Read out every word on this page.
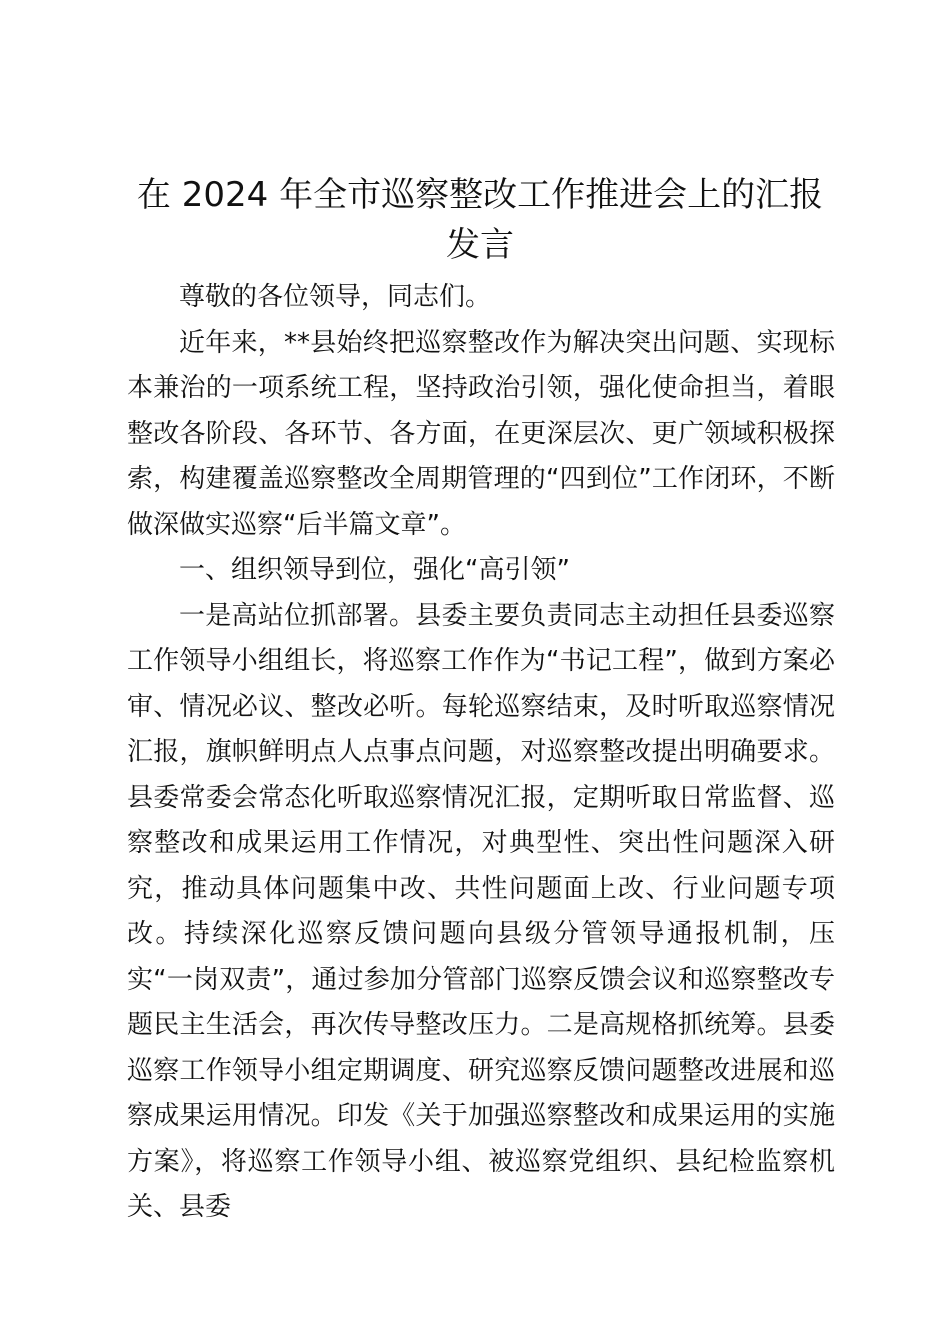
在 2024 年全市巡察整改工作推进会上的汇报发言

尊敬的各位领导，同志们。

近年来，**县始终把巡察整改作为解决突出问题、实现标本兼治的一项系统工程，坚持政治引领，强化使命担当，着眼整改各阶段、各环节、各方面，在更深层次、更广领域积极探索，构建覆盖巡察整改全周期管理的“四到位”工作闭环，不断做深做实巡察“后半篇文章”。

一、组织领导到位，强化“高引领”

一是高站位抓部署。县委主要负责同志主动担任县委巡察工作领导小组组长，将巡察工作作为“书记工程”，做到方案必审、情况必议、整改必听。每轮巡察结束，及时听取巡察情况汇报，旗帜鲜明点人点事点问题，对巡察整改提出明确要求。县委常委会常态化听取巡察情况汇报，定期听取日常监督、巡察整改和成果运用工作情况，对典型性、突出性问题深入研究，推动具体问题集中改、共性问题面上改、行业问题专项改。持续深化巡察反馈问题向县级分管领导通报机制，压实“一岗双责”，通过参加分管部门巡察反馈会议和巡察整改专题民主生活会，再次传导整改压力。二是高规格抓统筹。县委巡察工作领导小组定期调度、研究巡察反馈问题整改进展和巡察成果运用情况。印发《关于加强巡察整改和成果运用的实施方案》，将巡察工作领导小组、被巡察党组织、县纪检监察机关、县委
